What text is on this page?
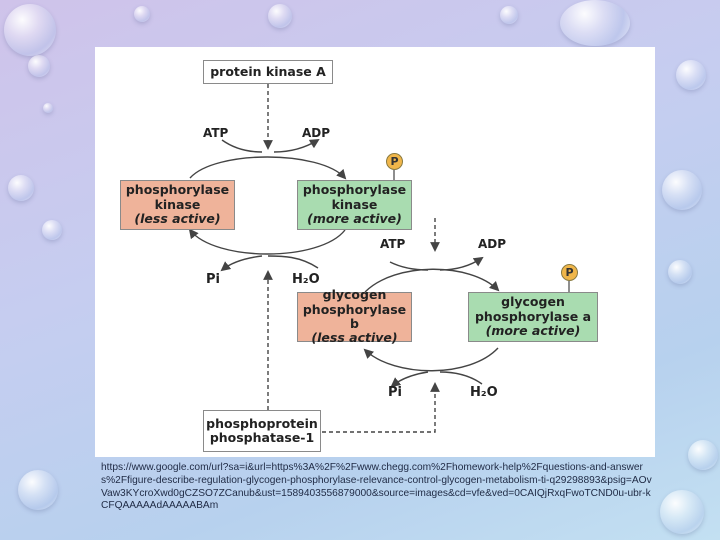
protein kinase A
ATP	ADP
phosphorylase
kinase
(less active)
P
phosphorylase
kinase
(more active)
ATP	ADP
Pi	H₂O
glycogen
phosphorylase b
(less active)
P
glycogen
phosphorylase a
(more active)
Pi	H₂O
phosphoprotein
phosphatase-1
https://www.google.com/url?sa=i&url=https%3A%2F%2Fwww.chegg.com%2Fhomework-help%2Fquestions-and-answers%2Ffigure-describe-regulation-glycogen-phosphorylase-relevance-control-glycogen-metabolism-ti-q29298893&psig=AOvVaw3KYcroXwd0gCZSO7ZCanub&ust=1589403556879000&source=images&cd=vfe&ved=0CAIQjRxqFwoTCND0u-ubr-kCFQAAAAAdAAAAABAm
